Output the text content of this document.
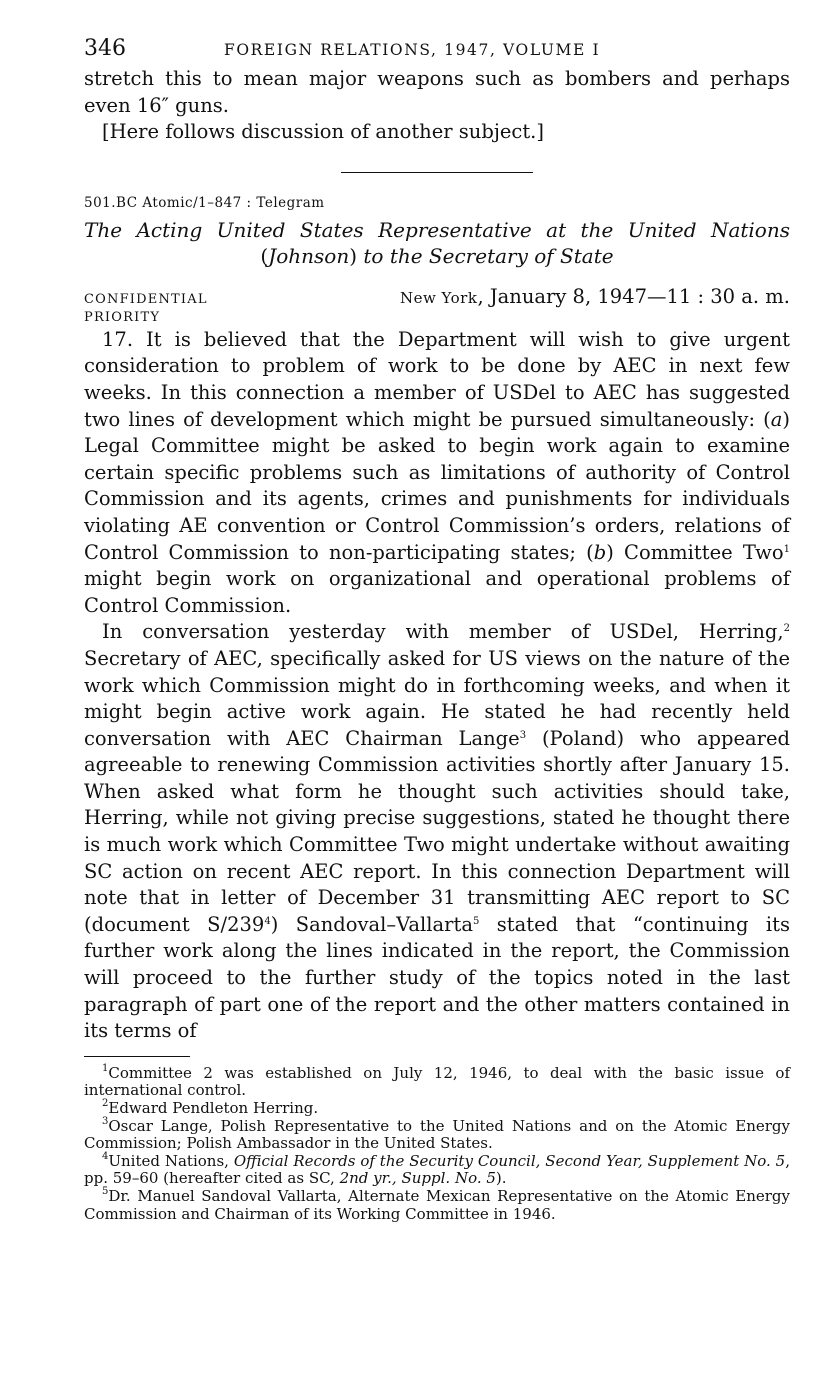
346	FOREIGN RELATIONS, 1947, VOLUME I

stretch this to mean major weapons such as bombers and perhaps even 16″ guns.

[Here follows discussion of another subject.]

501.BC Atomic/1–847 : Telegram

The Acting United States Representative at the United Nations (Johnson) to the Secretary of State

CONFIDENTIAL	New York, January 8, 1947—11 : 30 a. m.
PRIORITY

17. It is believed that the Department will wish to give urgent consideration to problem of work to be done by AEC in next few weeks. In this connection a member of USDel to AEC has suggested two lines of development which might be pursued simultaneously: (a) Legal Committee might be asked to begin work again to examine certain specific problems such as limitations of authority of Control Commission and its agents, crimes and punishments for individuals violating AE convention or Control Commission’s orders, relations of Control Commission to non-participating states; (b) Committee Two$^1$ might begin work on organizational and operational problems of Control Commission.

In conversation yesterday with member of USDel, Herring,$^2$ Secretary of AEC, specifically asked for US views on the nature of the work which Commission might do in forthcoming weeks, and when it might begin active work again. He stated he had recently held conversation with AEC Chairman Lange$^3$ (Poland) who appeared agreeable to renewing Commission activities shortly after January 15. When asked what form he thought such activities should take, Herring, while not giving precise suggestions, stated he thought there is much work which Committee Two might undertake without awaiting SC action on recent AEC report. In this connection Department will note that in letter of December 31 transmitting AEC report to SC (document $S/239^4$) Sandoval–Vallarta$^5$ stated that “continuing its further work along the lines indicated in the report, the Commission will proceed to the further study of the topics noted in the last paragraph of part one of the report and the other matters contained in its terms of

$^1$Committee 2 was established on July 12, 1946, to deal with the basic issue of international control.

$^2$Edward Pendleton Herring.

$^3$Oscar Lange, Polish Representative to the United Nations and on the Atomic Energy Commission; Polish Ambassador in the United States.

$^4$United Nations, Official Records of the Security Council, Second Year, Supplement No. 5, pp. 59–60 (hereafter cited as SC, 2nd yr., Suppl. No. 5).

$^5$Dr. Manuel Sandoval Vallarta, Alternate Mexican Representative on the Atomic Energy Commission and Chairman of its Working Committee in 1946.
